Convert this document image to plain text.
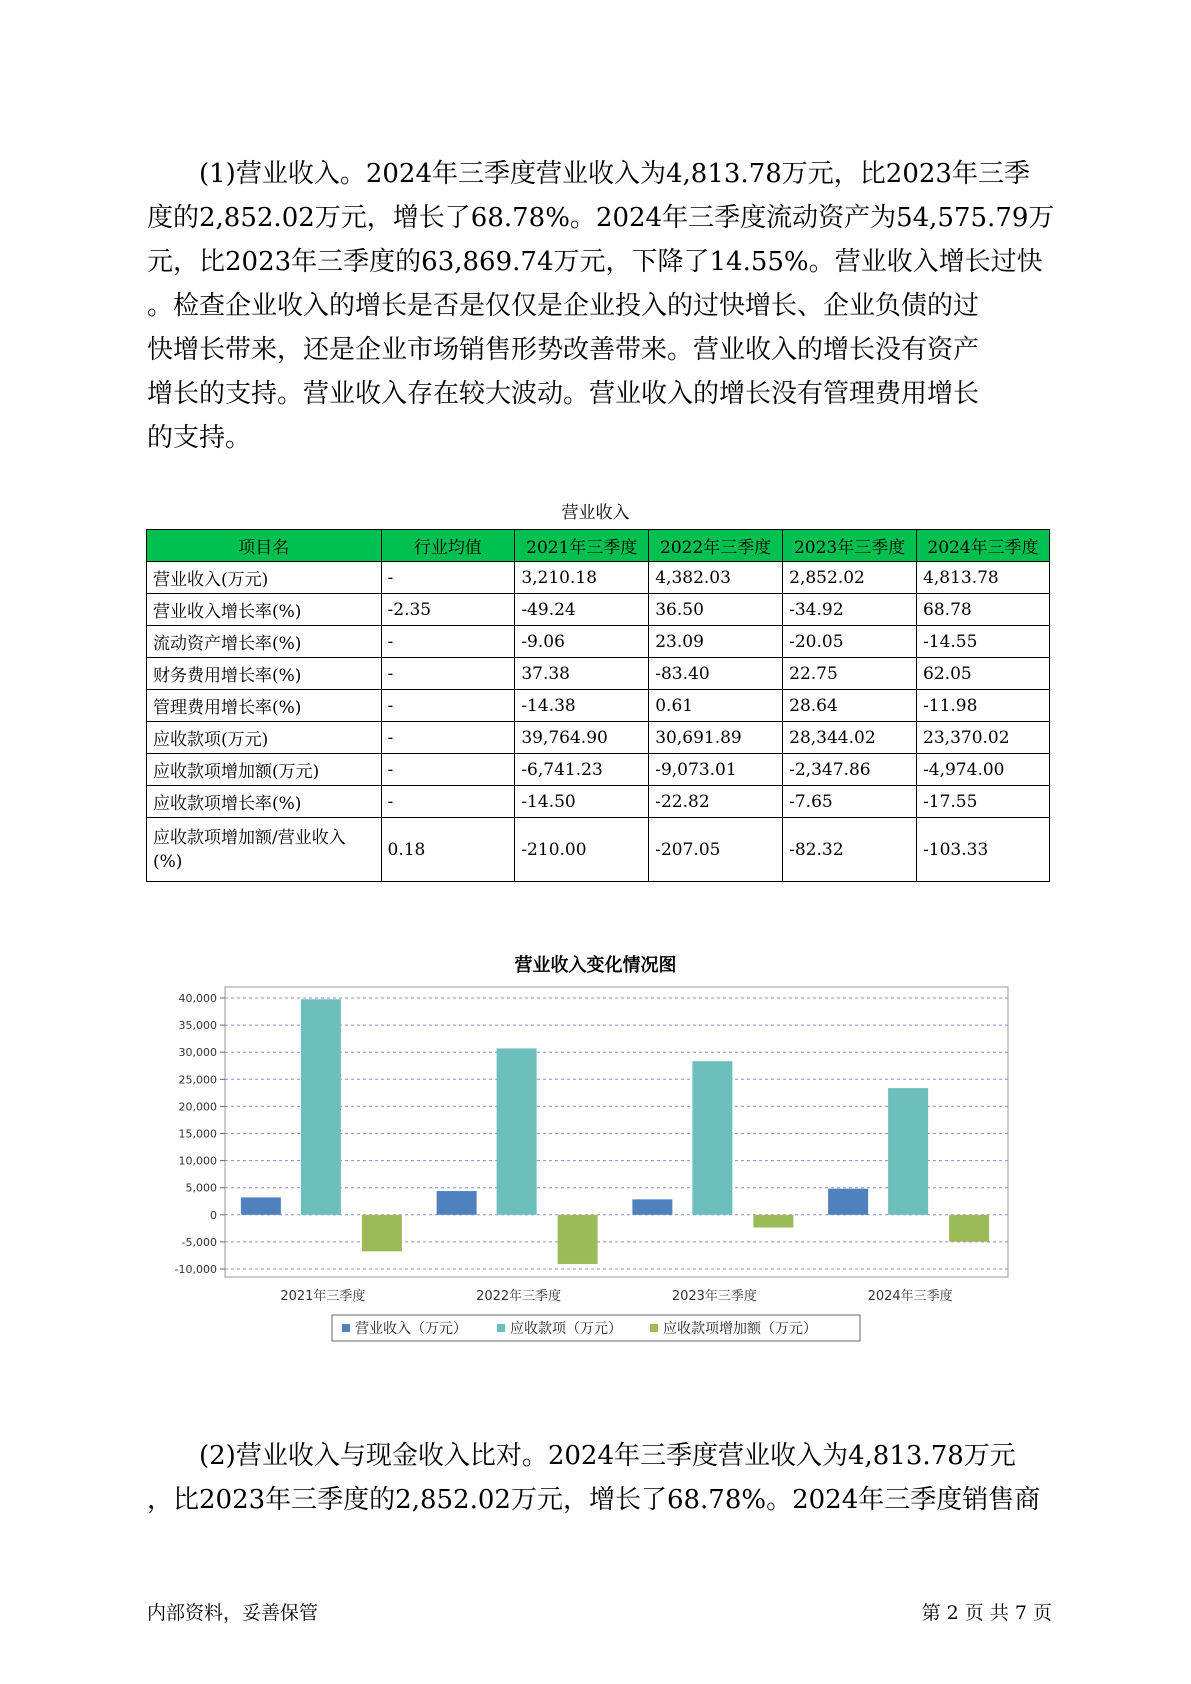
(1)营业收入。2024年三季度营业收入为4,813.78万元，比2023年三季
度的2,852.02万元，增长了68.78%。2024年三季度流动资产为54,575.79万
元，比2023年三季度的63,869.74万元，下降了14.55%。营业收入增长过快
。检查企业收入的增长是否是仅仅是企业投入的过快增长、企业负债的过
快增长带来，还是企业市场销售形势改善带来。营业收入的增长没有资产
增长的支持。营业收入存在较大波动。营业收入的增长没有管理费用增长
的支持。
营业收入
项目名	行业均值	2021年三季度	2022年三季度	2023年三季度	2024年三季度
营业收入(万元)	-	3,210.18	4,382.03	2,852.02	4,813.78
营业收入增长率(%)	-2.35	-49.24	36.50	-34.92	68.78
流动资产增长率(%)	-	-9.06	23.09	-20.05	-14.55
财务费用增长率(%)	-	37.38	-83.40	22.75	62.05
管理费用增长率(%)	-	-14.38	0.61	28.64	-11.98
应收款项(万元)	-	39,764.90	30,691.89	28,344.02	23,370.02
应收款项增加额(万元)	-	-6,741.23	-9,073.01	-2,347.86	-4,974.00
应收款项增长率(%)	-	-14.50	-22.82	-7.65	-17.55
应收款项增加额/营业收入(%)	0.18	-210.00	-207.05	-82.32	-103.33
营业收入变化情况图
40,000
35,000
30,000
25,000
20,000
15,000
10,000
5,000
0
-5,000
-10,000
2021年三季度	2022年三季度	2023年三季度	2024年三季度
营业收入（万元）	应收款项（万元）	应收款项增加额（万元）
(2)营业收入与现金收入比对。2024年三季度营业收入为4,813.78万元
，比2023年三季度的2,852.02万元，增长了68.78%。2024年三季度销售商
内部资料，妥善保管	第 2 页 共 7 页
